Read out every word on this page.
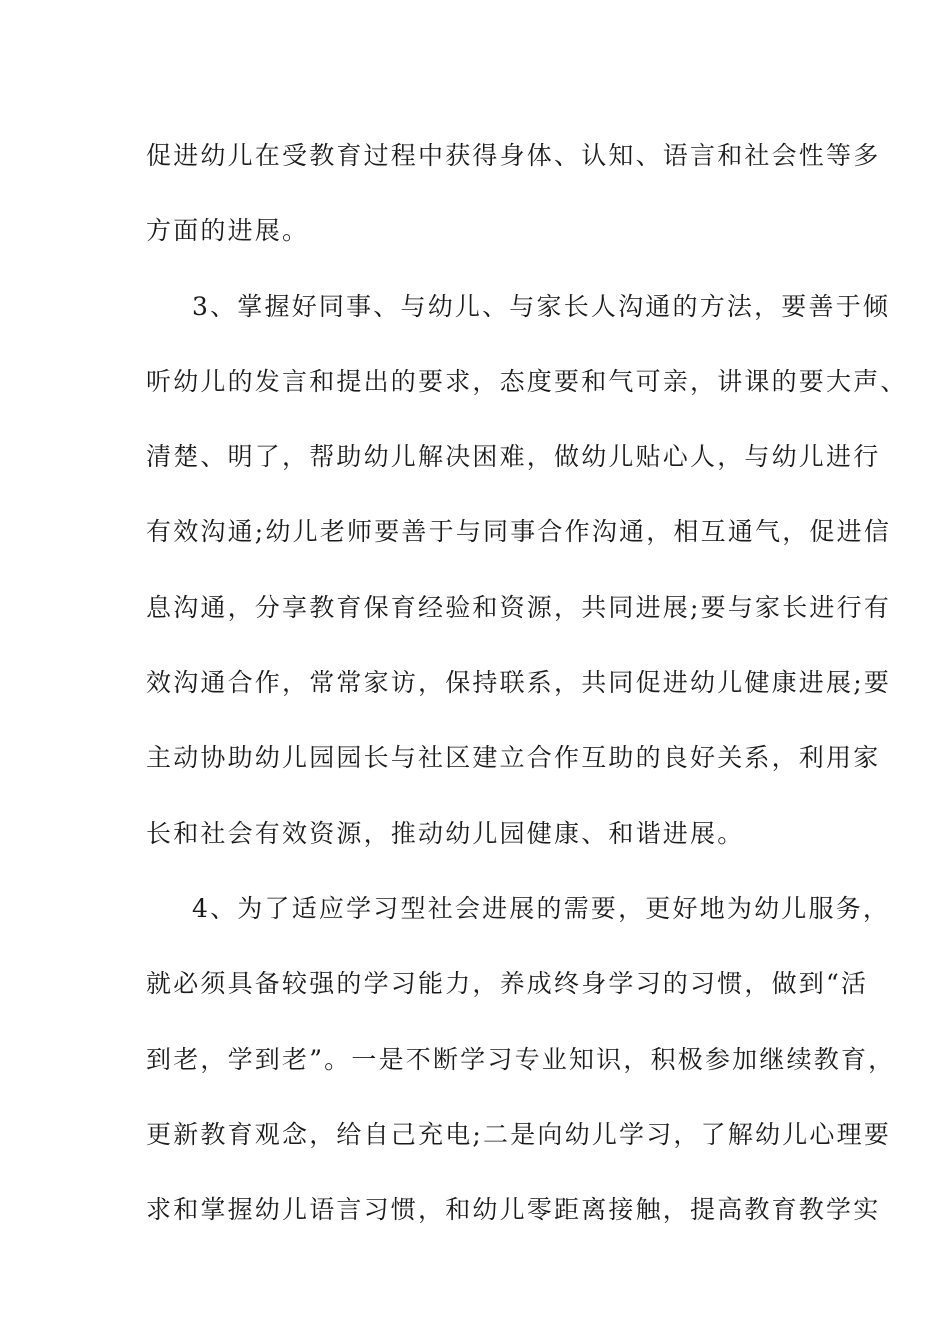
促进幼儿在受教育过程中获得身体、认知、语言和社会性等多
方面的进展。
3、掌握好同事、与幼儿、与家长人沟通的方法，要善于倾
听幼儿的发言和提出的要求，态度要和气可亲，讲课的要大声、
清楚、明了，帮助幼儿解决困难，做幼儿贴心人，与幼儿进行
有效沟通;幼儿老师要善于与同事合作沟通，相互通气，促进信
息沟通，分享教育保育经验和资源，共同进展;要与家长进行有
效沟通合作，常常家访，保持联系，共同促进幼儿健康进展;要
主动协助幼儿园园长与社区建立合作互助的良好关系，利用家
长和社会有效资源，推动幼儿园健康、和谐进展。
4、为了适应学习型社会进展的需要，更好地为幼儿服务，
就必须具备较强的学习能力，养成终身学习的习惯，做到“活
到老，学到老”。一是不断学习专业知识，积极参加继续教育，
更新教育观念，给自己充电;二是向幼儿学习，了解幼儿心理要
求和掌握幼儿语言习惯，和幼儿零距离接触，提高教育教学实
